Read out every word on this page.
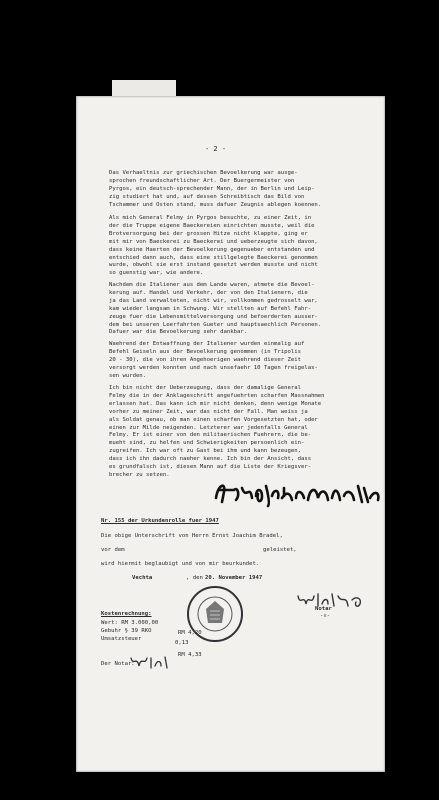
- 2 -
Das Verhaeltnis zur griechischen Bevoelkerung war ausge-
sprochen freundschaftlicher Art. Der Buergermeister von
Pyrgos, ein deutsch-sprechender Mann, der in Berlin und Leip-
zig studiert hat und, auf dessen Schreibtisch das Bild von
Tschammer und Osten stand, muss dafuer Zeugnis ablegen koennen.
Als mich General Felmy in Pyrgos besuchte, zu einer Zeit, in
der die Truppe eigene Baeckereien einrichten musste, weil die
Brotversorgung bei der grossen Hitze nicht klappte, ging er
mit mir von Baeckerei zu Baeckerei und ueberzeugte sich davon,
dass keine Haerten der Bevoelkerung gegenueber entstanden und
entschied dann auch, dass eine stillgelegte Baeckerei genommen
wurde, obwohl sie erst instand gesetzt werden musste und nicht
so guenstig war, wie andere.
Nachdem die Italiener aus dem Lande waren, atmete die Bevoel-
kerung auf. Handel und Verkehr, der von den Italienern, die
ja das Land verwalteten, nicht wir, vollkommen gedrosselt war,
kam wieder langsam in Schwung. Wir stellten auf Befehl Fahr-
zeuge fuer die Lebensmittelversorgung und befoerderten ausser-
dem bei unseren Leerfahrten Gueter und hauptsaechlich Personen.
Dafuer war die Bevoelkerung sehr dankbar.
Waehrend der Entwaffnung der Italiener wurden einmalig auf
Befehl Geiseln aus der Bevoelkerung genommen (in Tripolis
20 - 30), die von ihren Angehoerigen waehrend dieser Zeit
versorgt werden konnten und nach unsefaehr 10 Tagen freigelas-
sen wurden.
Ich bin nicht der Ueberzeugung, dass der damalige General
Felmy die in der Anklageschrift angefuehrten scharfen Massnahmen
erlassen hat. Das kann ich mir nicht denken, denn wenige Monate
vorher zu meiner Zeit, war das nicht der Fall. Man weiss ja
als Soldat genau, ob man einen scharfen Vorgesetzten hat, oder
einen zur Milde neigenden. Letzterer war jedenfalls General
Felmy. Er ist einer von den militaerischen Fuehrern, die be-
mueht sind, zu helfen und Schwierigkeiten persoenlich ein-
zugreifen. Ich war oft zu Gast bei ihm und kann bezeugen,
dass ich ihn dadurch naeher kenne. Ich bin der Ansicht, dass
es grundfalsch ist, diesen Mann auf die Liste der Kriegsver-
brecher zu setzen.
Nr. 155 der Urkundenrolle fuer 1947
Die obige Unterschrift von Herrn Ernst Joachim Bradel,
vor dem	geleistet,
wird hiermit beglaubigt und von mir beurkundet.
Vechta	, den 20. November 1947
Notar
-¤-
Kostenrechnung:
Wert: RM 3.000,00
Gebuhr § 39 RKO
Umsatzsteuer
RM 4,20
0,13
RM 4,33
Der Notar:
